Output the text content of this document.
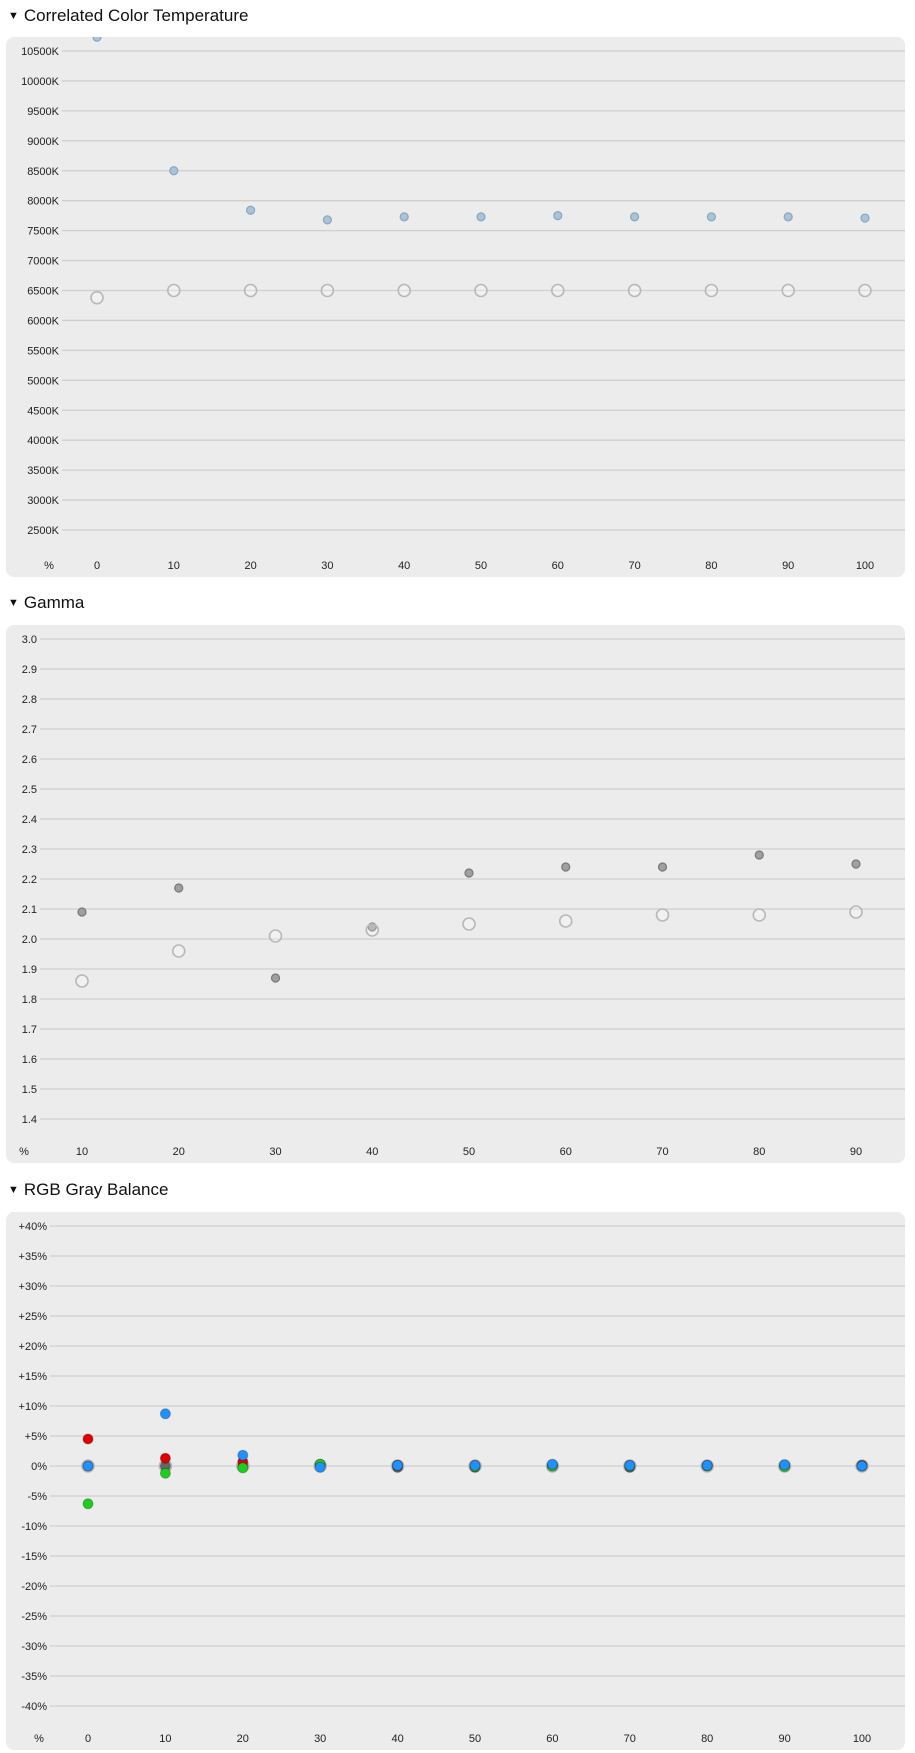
▼ Correlated Color Temperature
2500K
3000K
3500K
4000K
4500K
5000K
5500K
6000K
6500K
7000K
7500K
8000K
8500K
9000K
9500K
10000K
10500K
%	0	10	20	30	40	50	60	70	80	90	100
▼ Gamma
1.4
1.5
1.6
1.7
1.8
1.9
2.0
2.1
2.2
2.3
2.4
2.5
2.6
2.7
2.8
2.9
3.0
%	10	20	30	40	50	60	70	80	90
▼ RGB Gray Balance
-40%
-35%
-30%
-25%
-20%
-15%
-10%
-5%
0%
+5%
+10%
+15%
+20%
+25%
+30%
+35%
+40%
%	0	10	20	30	40	50	60	70	80	90	100
